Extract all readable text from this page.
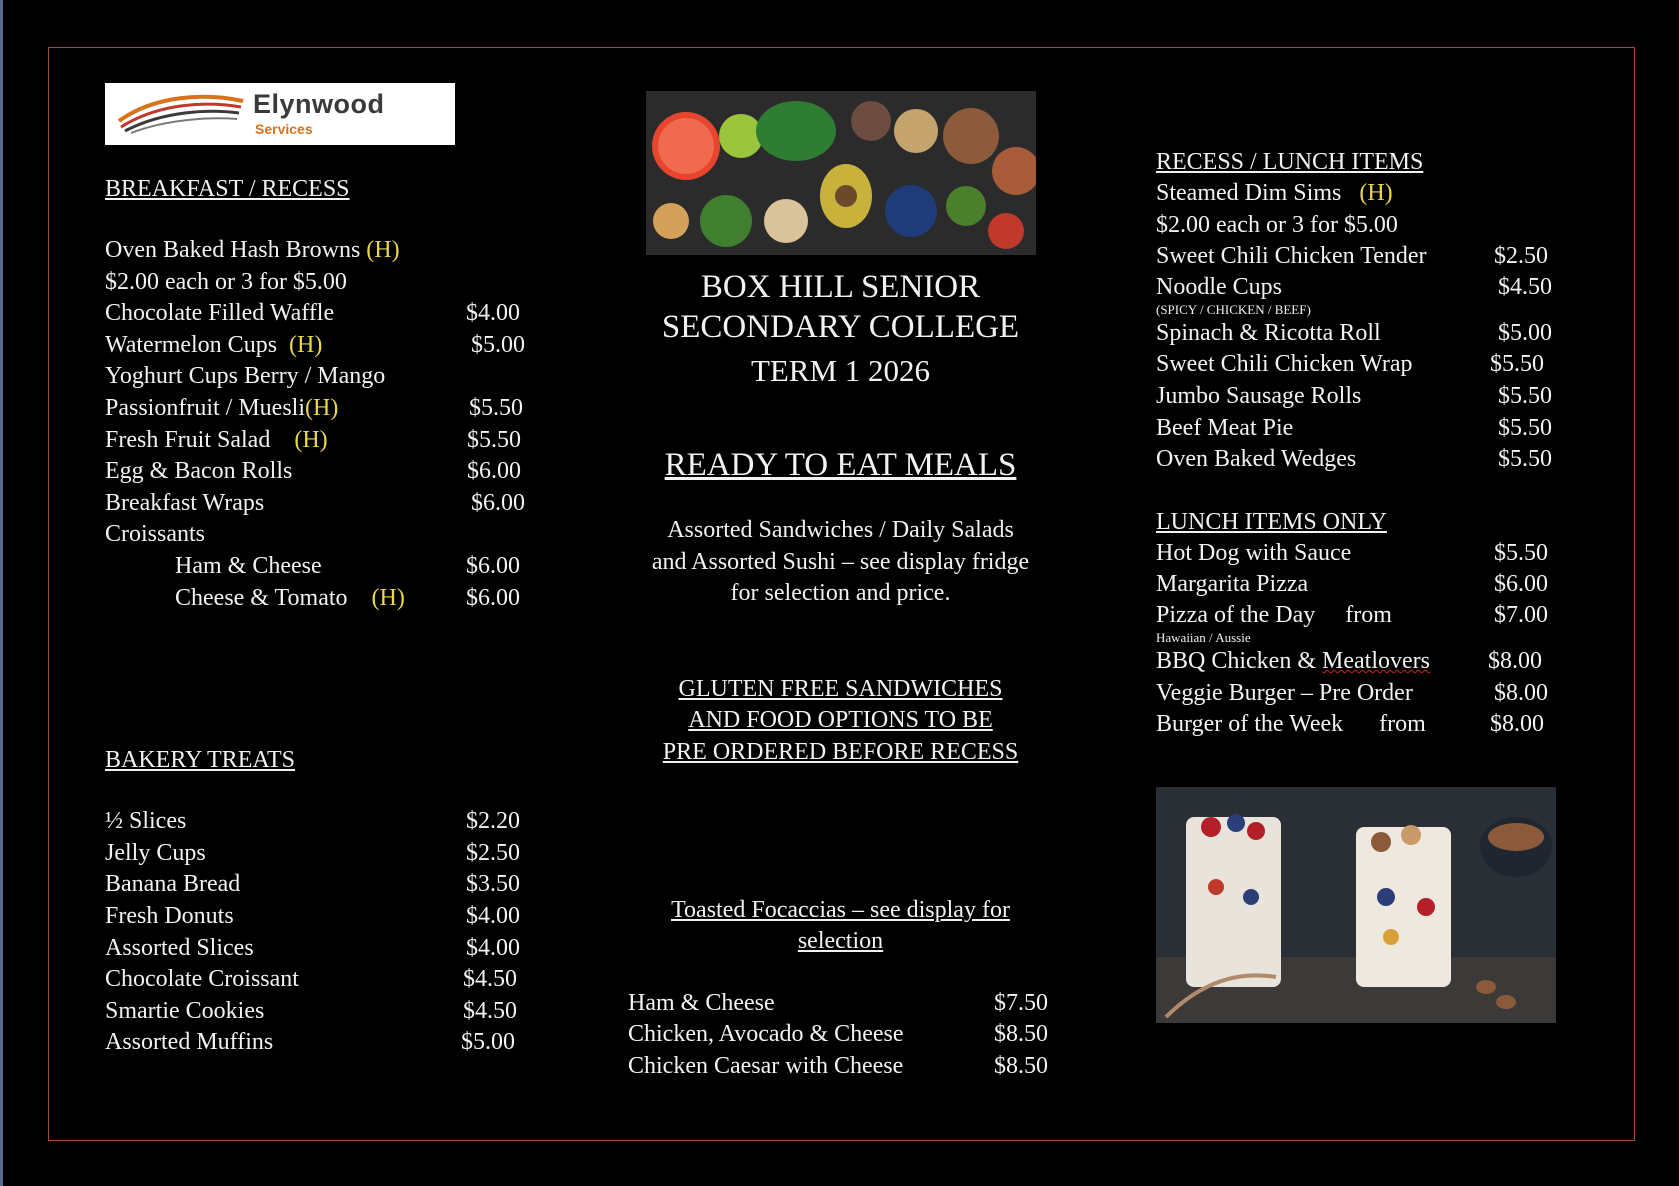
Elynwood
Services

BREAKFAST / RECESS

Oven Baked Hash Browns (H)
$2.00 each or 3 for $5.00
Chocolate Filled Waffle	$4.00
Watermelon Cups (H)	$5.00
Yoghurt Cups Berry / Mango
Passionfruit / Muesli(H)	$5.50
Fresh Fruit Salad (H)	$5.50
Egg & Bacon Rolls	$6.00
Breakfast Wraps	$6.00
Croissants
Ham & Cheese	$6.00
Cheese & Tomato (H)	$6.00

BAKERY TREATS

½ Slices	$2.20
Jelly Cups	$2.50
Banana Bread	$3.50
Fresh Donuts	$4.00
Assorted Slices	$4.00
Chocolate Croissant	$4.50
Smartie Cookies	$4.50
Assorted Muffins	$5.00
BOX HILL SENIOR
SECONDARY COLLEGE
TERM 1 2026
READY TO EAT MEALS
Assorted Sandwiches / Daily Salads
and Assorted Sushi – see display fridge
for selection and price.
GLUTEN FREE SANDWICHES
AND FOOD OPTIONS TO BE
PRE ORDERED BEFORE RECESS
Toasted Focaccias – see display for
selection
Ham & Cheese	$7.50
Chicken, Avocado & Cheese	$8.50
Chicken Caesar with Cheese	$8.50

RECESS / LUNCH ITEMS

Steamed Dim Sims (H)
$2.00 each or 3 for $5.00
Sweet Chili Chicken Tender	$2.50
Noodle Cups	$4.50
(SPICY / CHICKEN / BEEF)
Spinach & Ricotta Roll	$5.00
Sweet Chili Chicken Wrap	$5.50
Jumbo Sausage Rolls	$5.50
Beef Meat Pie	$5.50
Oven Baked Wedges	$5.50

LUNCH ITEMS ONLY

Hot Dog with Sauce	$5.50
Margarita Pizza	$6.00
Pizza of the Day from	$7.00
Hawaiian / Aussie
BBQ Chicken & Meatlovers $8.00
Veggie Burger – Pre Order	$8.00
Burger of the Week from	$8.00
